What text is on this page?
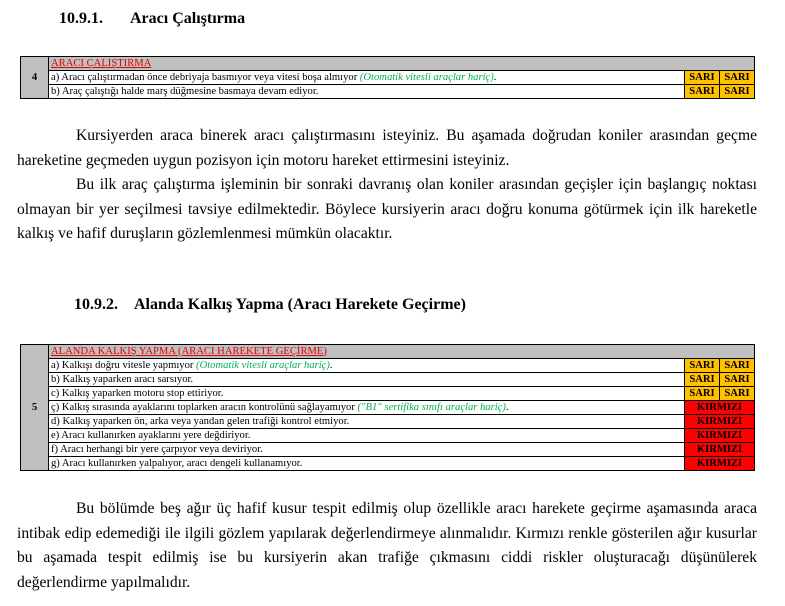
10.9.1. Aracı Çalıştırma
4	ARACI ÇALIŞTIRMA		
	a) Aracı çalıştırmadan önce debriyaja basmıyor veya vitesi boşa almıyor (Otomatik vitesli araçlar hariç).	SARI	SARI
	b) Araç çalıştığı halde marş düğmesine basmaya devam ediyor.	SARI	SARI

Kursiyerden araca binerek aracı çalıştırmasını isteyiniz. Bu aşamada doğrudan koniler arasından geçme hareketine geçmeden uygun pozisyon için motoru hareket ettirmesini isteyiniz.

Bu ilk araç çalıştırma işleminin bir sonraki davranış olan koniler arasından geçişler için başlangıç noktası olmayan bir yer seçilmesi tavsiye edilmektedir. Böylece kursiyerin aracı doğru konuma götürmek için ilk hareketle kalkış ve hafif duruşların gözlemlenmesi mümkün olacaktır.

10.9.2. Alanda Kalkış Yapma (Aracı Harekete Geçirme)
5	ALANDA KALKIŞ YAPMA (ARACI HAREKETE GEÇİRME)		
	a) Kalkışı doğru vitesle yapmıyor (Otomatik vitesli araçlar hariç).	SARI	SARI
	b) Kalkış yaparken aracı sarsıyor.	SARI	SARI
	c) Kalkış yaparken motoru stop ettiriyor.	SARI	SARI
	ç) Kalkış sırasında ayaklarını toplarken aracın kontrolünü sağlayamıyor ("B1" sertifika sınıfı araçlar hariç).	KIRMIZI	
	d) Kalkış yaparken ön, arka veya yandan gelen trafiği kontrol etmiyor.	KIRMIZI	
	e) Aracı kullanırken ayaklarını yere değdiriyor.	KIRMIZI	
	f) Aracı herhangi bir yere çarpıyor veya deviriyor.	KIRMIZI	
	g) Aracı kullanırken yalpalıyor, aracı dengeli kullanamıyor.	KIRMIZI	

Bu bölümde beş ağır üç hafif kusur tespit edilmiş olup özellikle aracı harekete geçirme aşamasında araca intibak edip edemediği ile ilgili gözlem yapılarak değerlendirmeye alınmalıdır. Kırmızı renkle gösterilen ağır kusurlar bu aşamada tespit edilmiş ise bu kursiyerin akan trafiğe çıkmasını ciddi riskler oluşturacağı düşünülerek değerlendirme yapılmalıdır.
